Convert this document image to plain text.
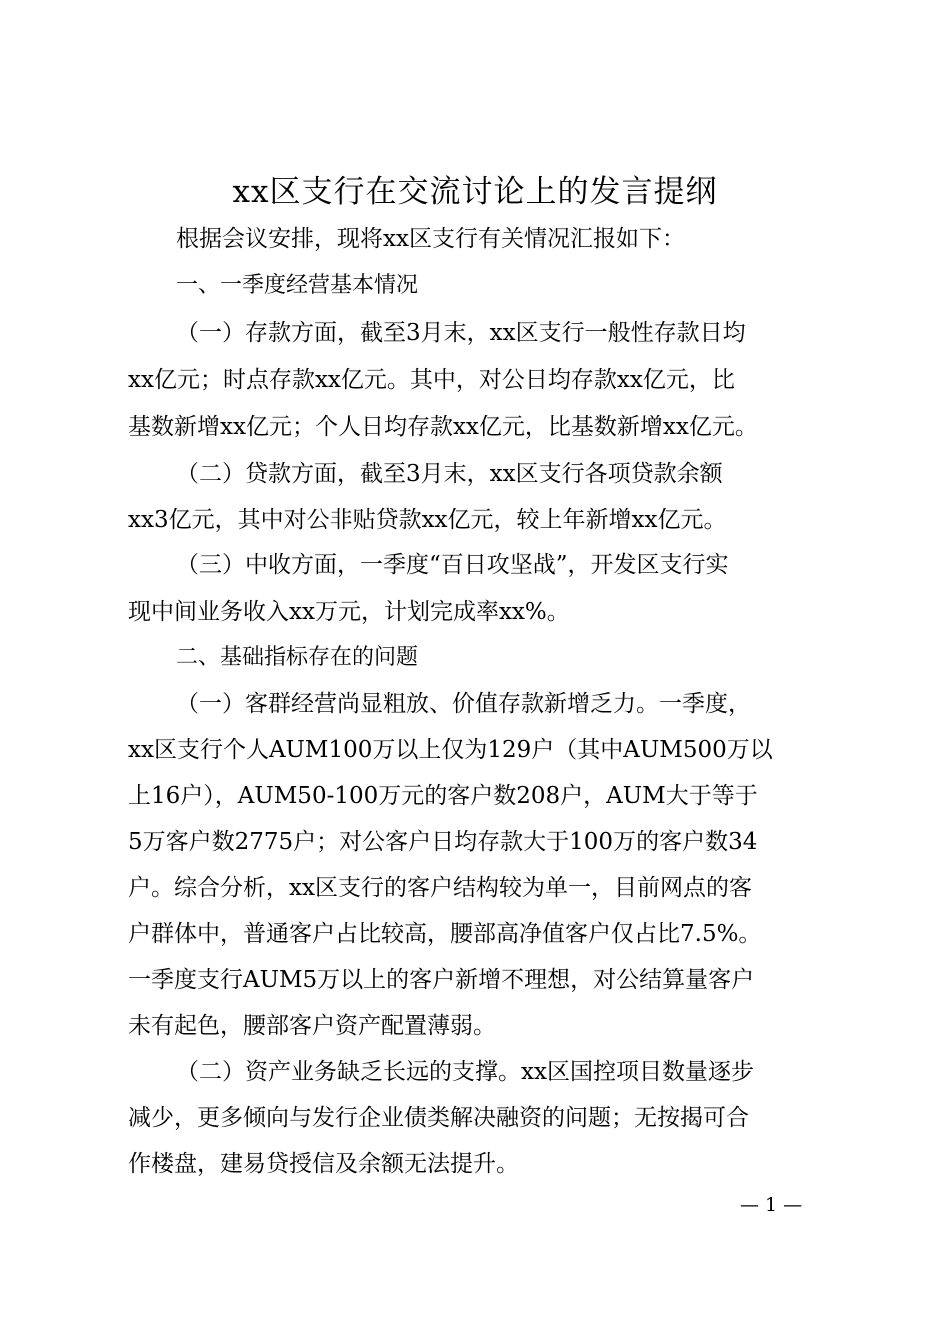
xx区支行在交流讨论上的发言提纲
根据会议安排，现将xx区支行有关情况汇报如下：
一、一季度经营基本情况
（一）存款方面，截至3月末，xx区支行一般性存款日均
xx亿元；时点存款xx亿元。其中，对公日均存款xx亿元，比
基数新增xx亿元；个人日均存款xx亿元，比基数新增xx亿元。
（二）贷款方面，截至3月末，xx区支行各项贷款余额
xx3亿元，其中对公非贴贷款xx亿元，较上年新增xx亿元。
（三）中收方面，一季度“百日攻坚战”，开发区支行实
现中间业务收入xx万元，计划完成率xx%。
二、基础指标存在的问题
（一）客群经营尚显粗放、价值存款新增乏力。一季度，
xx区支行个人AUM100万以上仅为129户（其中AUM500万以
上16户），AUM50-100万元的客户数208户，AUM大于等于
5万客户数2775户；对公客户日均存款大于100万的客户数34
户。综合分析，xx区支行的客户结构较为单一，目前网点的客
户群体中，普通客户占比较高，腰部高净值客户仅占比7.5%。
一季度支行AUM5万以上的客户新增不理想，对公结算量客户
未有起色，腰部客户资产配置薄弱。
（二）资产业务缺乏长远的支撑。xx区国控项目数量逐步
减少，更多倾向与发行企业债类解决融资的问题；无按揭可合
作楼盘，建易贷授信及余额无法提升。
— 1 —
